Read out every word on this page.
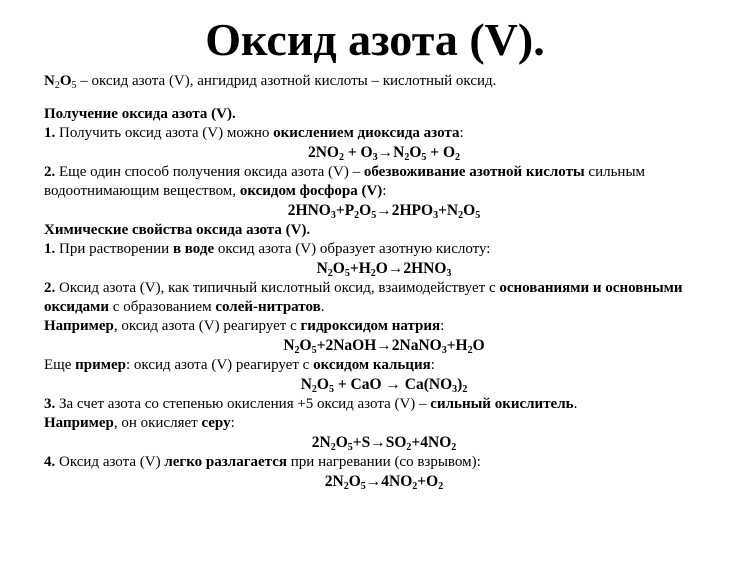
Оксид азота (V).
$N_2O_5$ – оксид азота (V), ангидрид азотной кислоты – кислотный оксид.
Получение оксида азота (V).
1. Получить оксид азота (V) можно окислением диоксида азота:
$2NO_2 + O_3\to N_2O_5 + O_2$
2. Еще один способ получения оксида азота (V) – обезвоживание азотной кислоты сильным
водоотнимающим веществом, оксидом фосфора (V):
$2HNO_3+P_2O_5\to 2HPO_3+N_2O_5$
Химические свойства оксида азота (V).
1. При растворении в воде оксид азота (V) образует азотную кислоту:
$N_2O_5+H_2O\to 2HNO_3$
2. Оксид азота (V), как типичный кислотный оксид, взаимодействует с основаниями и основными
оксидами с образованием солей-нитратов.
Например, оксид азота (V) реагирует с гидроксидом натрия:
$N_2O_5+2NaOH\to 2NaNO_3+H_2O$
Еще пример: оксид азота (V) реагирует с оксидом кальция:
$N_2O_5$ + CaO → $Ca(NO_3)_2$
3. За счет азота со степенью окисления +5 оксид азота (V) – сильный окислитель.
Например, он окисляет серу:
$2N_2O_5+S\to SO_2+4NO_2$
4. Оксид азота (V) легко разлагается при нагревании (со взрывом):
$2N_2O_5\to 4NO_2+O_2$
